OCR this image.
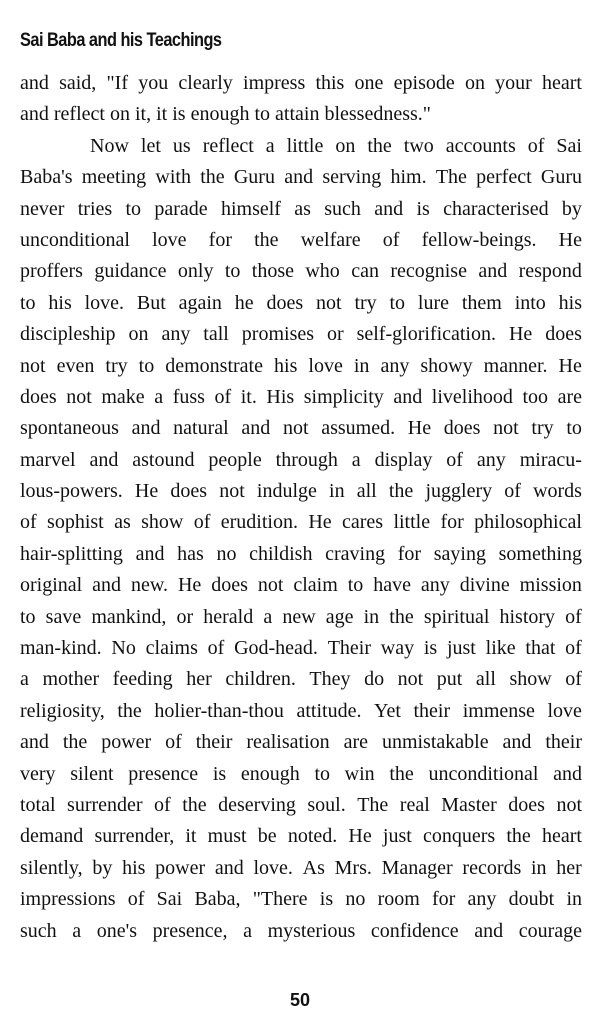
Sai Baba and his Teachings
and said, "If you clearly impress this one episode on your heart
and reflect on it, it is enough to attain blessedness."
Now let us reflect a little on the two accounts of Sai
Baba's meeting with the Guru and serving him. The perfect Guru
never tries to parade himself as such and is characterised by
unconditional love for the welfare of fellow-beings. He
proffers guidance only to those who can recognise and respond
to his love. But again he does not try to lure them into his
discipleship on any tall promises or self-glorification. He does
not even try to demonstrate his love in any showy manner. He
does not make a fuss of it. His simplicity and livelihood too are
spontaneous and natural and not assumed. He does not try to
marvel and astound people through a display of any miracu-
lous-powers. He does not indulge in all the jugglery of words
of sophist as show of erudition. He cares little for philosophical
hair-splitting and has no childish craving for saying something
original and new. He does not claim to have any divine mission
to save mankind, or herald a new age in the spiritual history of
man-kind. No claims of God-head. Their way is just like that of
a mother feeding her children. They do not put all show of
religiosity, the holier-than-thou attitude. Yet their immense love
and the power of their realisation are unmistakable and their
very silent presence is enough to win the unconditional and
total surrender of the deserving soul. The real Master does not
demand surrender, it must be noted. He just conquers the heart
silently, by his power and love. As Mrs. Manager records in her
impressions of Sai Baba, "There is no room for any doubt in
such a one's presence, a mysterious confidence and courage
50
